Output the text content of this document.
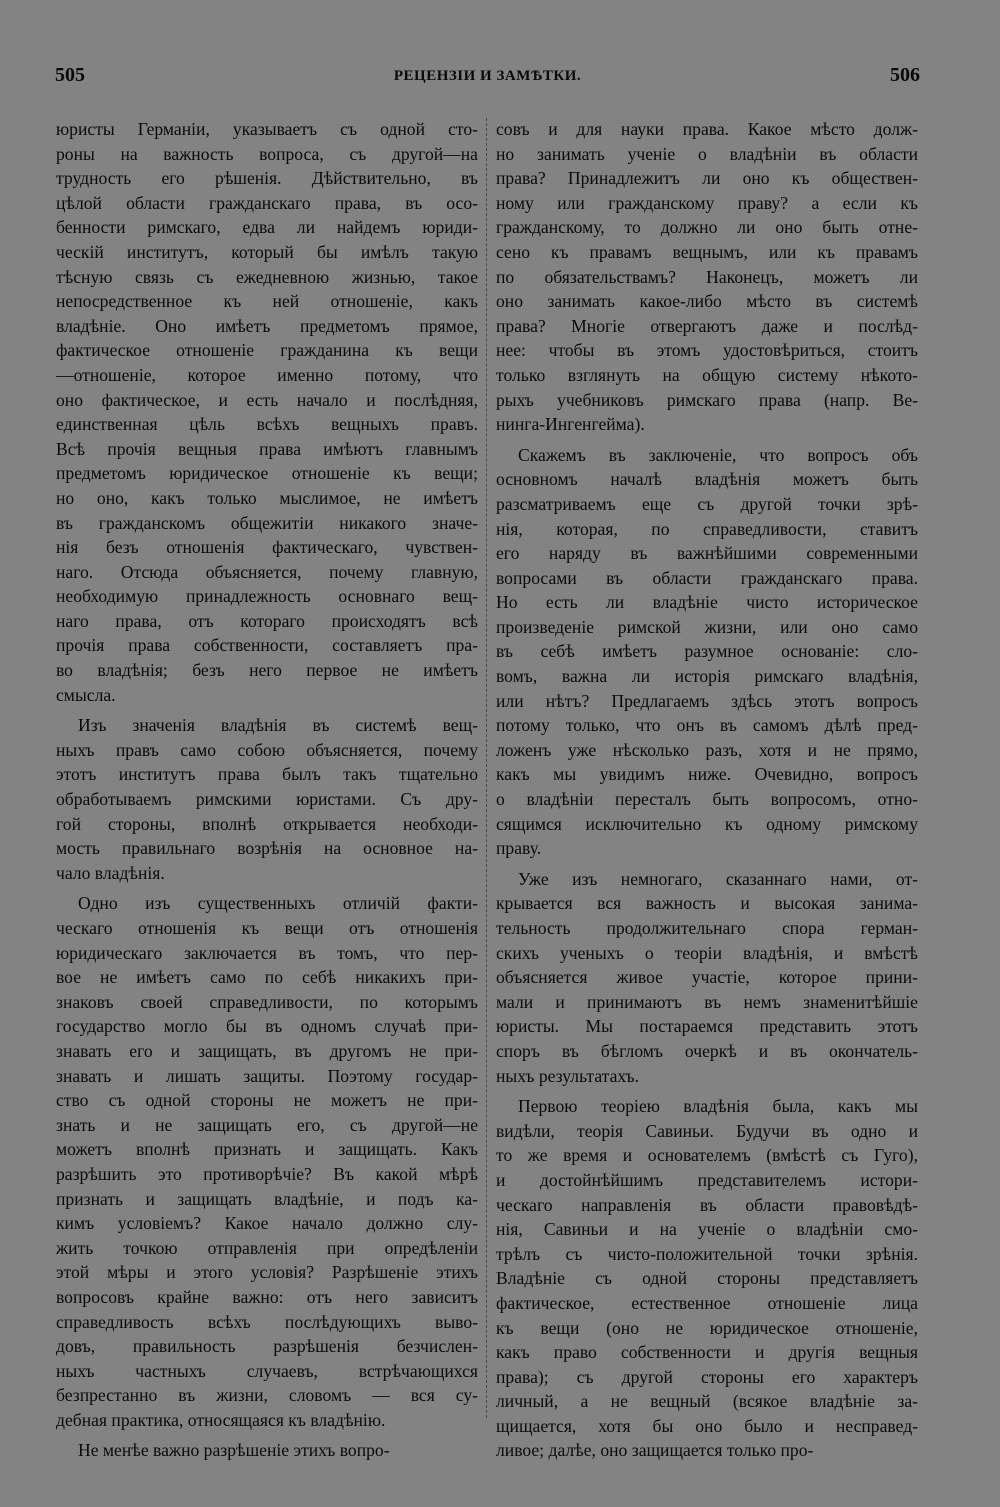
505	РЕЦЕНЗІИ И ЗАМѢТКИ.	506
юристы Германіи, указываетъ съ одной сто-
роны на важность вопроса, съ другой—на
трудность его рѣшенія. Дѣйствительно, въ
цѣлой области гражданскаго права, въ осо-
бенности римскаго, едва ли найдемъ юриди-
ческій институтъ, который бы имѣлъ такую
тѣсную связь съ ежедневною жизнью, такое
непосредственное къ ней отношеніе, какъ
владѣніе. Оно имѣетъ предметомъ прямое,
фактическое отношеніе гражданина къ вещи
—отношеніе, которое именно потому, что
оно фактическое, и есть начало и послѣдняя,
единственная цѣль всѣхъ вещныхъ правъ.
Всѣ прочія вещныя права имѣютъ главнымъ
предметомъ юридическое отношеніе къ вещи;
но оно, какъ только мыслимое, не имѣетъ
въ гражданскомъ общежитіи никакого значе-
нія безъ отношенія фактическаго, чувствен-
наго. Отсюда объясняется, почему главную,
необходимую принадлежность основнаго вещ-
наго права, отъ котораго происходятъ всѣ
прочія права собственности, составляетъ пра-
во владѣнія; безъ него первое не имѣетъ
смысла.
Изъ значенія владѣнія въ системѣ вещ-
ныхъ правъ само собою объясняется, почему
этотъ институтъ права былъ такъ тщательно
обработываемъ римскими юристами. Съ дру-
гой стороны, вполнѣ открывается необходи-
мость правильнаго возрѣнія на основное на-
чало владѣнія.
Одно изъ существенныхъ отличій факти-
ческаго отношенія къ вещи отъ отношенія
юридическаго заключается въ томъ, что пер-
вое не имѣетъ само по себѣ никакихъ при-
знаковъ своей справедливости, по которымъ
государство могло бы въ одномъ случаѣ при-
знавать его и защищать, въ другомъ не при-
знавать и лишать защиты. Поэтому государ-
ство съ одной стороны не можетъ не при-
знать и не защищать его, съ другой—не
можетъ вполнѣ признать и защищать. Какъ
разрѣшить это противорѣчіе? Въ какой мѣрѣ
признать и защищать владѣніе, и подъ ка-
кимъ условіемъ? Какое начало должно слу-
жить точкою отправленія при опредѣленіи
этой мѣры и этого условія? Разрѣшеніе этихъ
вопросовъ крайне важно: отъ него зависитъ
справедливость всѣхъ послѣдующихъ выво-
довъ, правильность разрѣшенія безчислен-
ныхъ частныхъ случаевъ, встрѣчающихся
безпрестанно въ жизни, словомъ — вся су-
дебная практика, относящаяся къ владѣнію.
Не менѣе важно разрѣшеніе этихъ вопро-
совъ и для науки права. Какое мѣсто долж-
но занимать ученіе о владѣніи въ области
права? Принадлежитъ ли оно къ обществен-
ному или гражданскому праву? а если къ
гражданскому, то должно ли оно быть отне-
сено къ правамъ вещнымъ, или къ правамъ
по обязательствамъ? Наконецъ, можетъ ли
оно занимать какое-либо мѣсто въ системѣ
права? Многіе отвергаютъ даже и послѣд-
нее: чтобы въ этомъ удостовѣриться, стоитъ
только взглянуть на общую систему нѣкото-
рыхъ учебниковъ римскаго права (напр. Ве-
нинга-Ингенгейма).
Скажемъ въ заключеніе, что вопросъ объ
основномъ началѣ владѣнія можетъ быть
разсматриваемъ еще съ другой точки зрѣ-
нія, которая, по справедливости, ставитъ
его наряду въ важнѣйшими современными
вопросами въ области гражданскаго права.
Но есть ли владѣніе чисто историческое
произведеніе римской жизни, или оно само
въ себѣ имѣетъ разумное основаніе: сло-
вомъ, важна ли исторія римскаго владѣнія,
или нѣтъ? Предлагаемъ здѣсь этотъ вопросъ
потому только, что онъ въ самомъ дѣлѣ пред-
ложенъ уже нѣсколько разъ, хотя и не прямо,
какъ мы увидимъ ниже. Очевидно, вопросъ
о владѣніи пересталъ быть вопросомъ, отно-
сящимся исключительно къ одному римскому
праву.
Уже изъ немногаго, сказаннаго нами, от-
крывается вся важность и высокая занима-
тельность продолжительнаго спора герман-
скихъ ученыхъ о теоріи владѣнія, и вмѣстѣ
объясняется живое участіе, которое прини-
мали и принимаютъ въ немъ знаменитѣйшіе
юристы. Мы постараемся представить этотъ
споръ въ бѣгломъ очеркѣ и въ окончатель-
ныхъ результатахъ.
Первою теоріею владѣнія была, какъ мы
видѣли, теорія Савиньи. Будучи въ одно и
то же время и основателемъ (вмѣстѣ съ Гуго),
и достойнѣйшимъ представителемъ истори-
ческаго направленія въ области правовѣдѣ-
нія, Савиньи и на ученіе о владѣніи смо-
трѣлъ съ чисто-положительной точки зрѣнія.
Владѣніе съ одной стороны представляетъ
фактическое, естественное отношеніе лица
къ вещи (оно не юридическое отношеніе,
какъ право собственности и другія вещныя
права); съ другой стороны его характеръ
личный, а не вещный (всякое владѣніе за-
щищается, хотя бы оно было и несправед-
ливое; далѣе, оно защищается только про-
